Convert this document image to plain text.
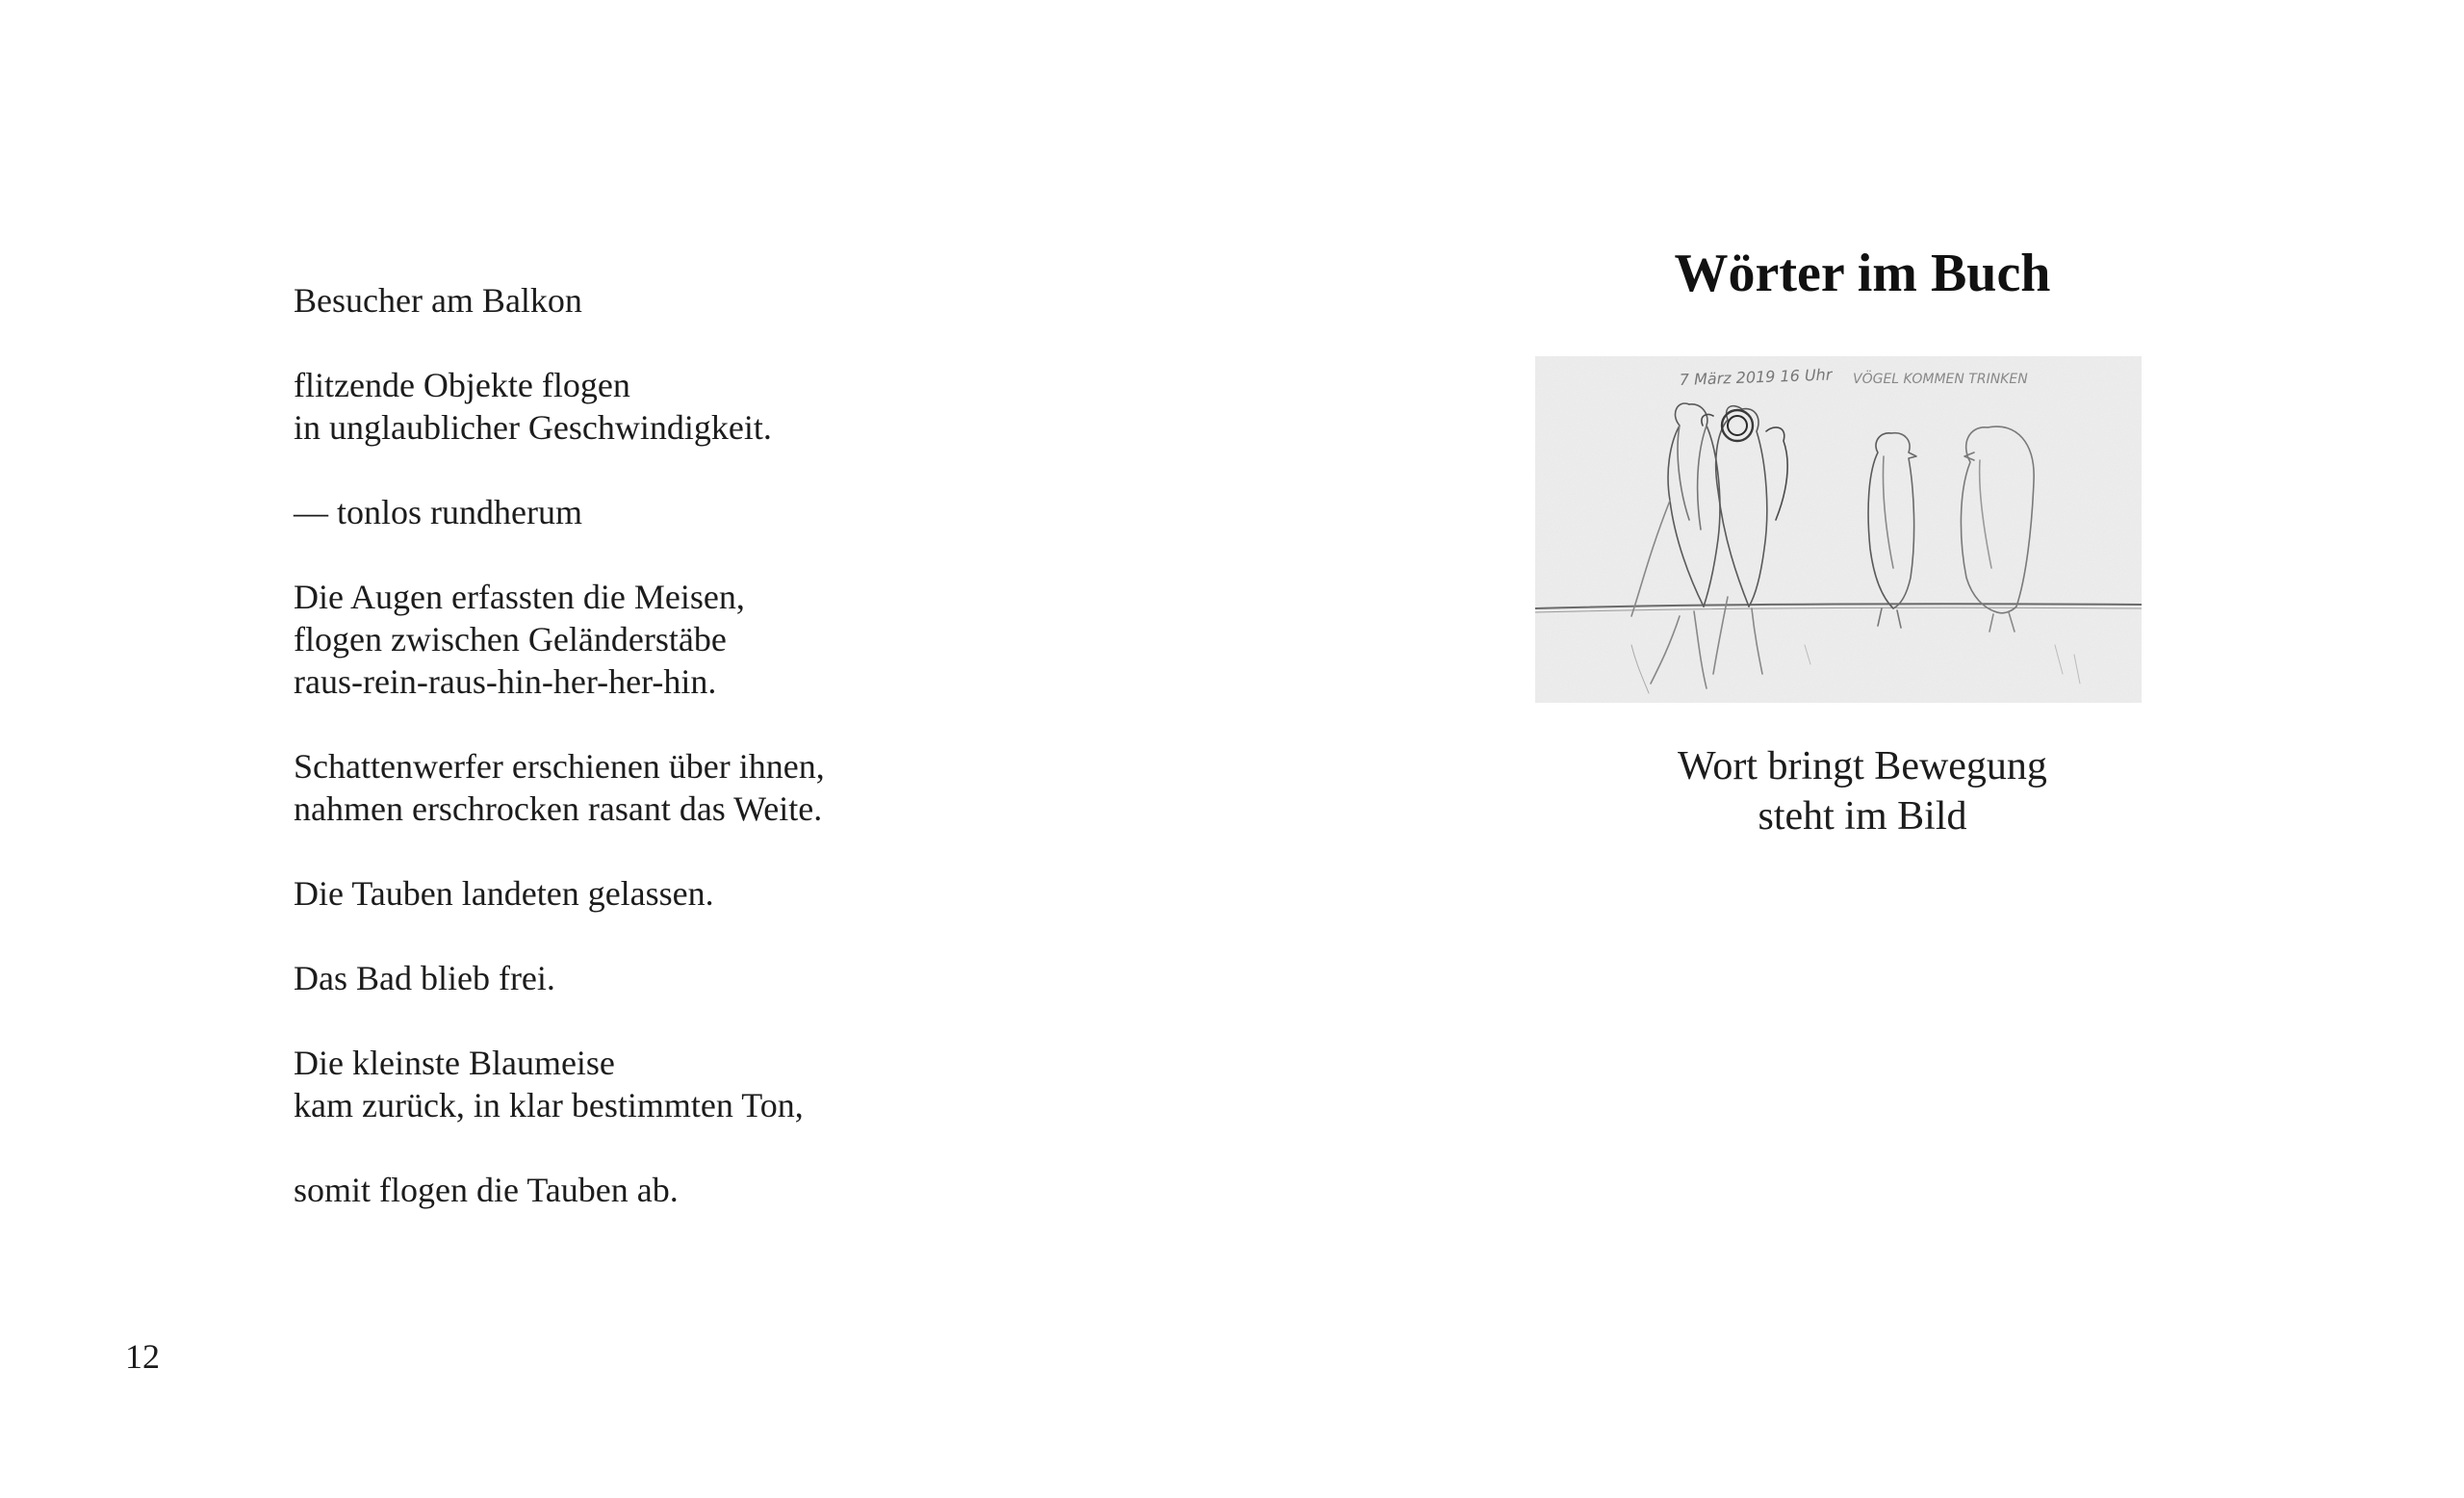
Besucher am Balkon
flitzende Objekte flogen
in unglaublicher Geschwindigkeit.
— tonlos rundherum
Die Augen erfassten die Meisen,
flogen zwischen Geländerstäbe
raus-rein-raus-hin-her-her-hin.
Schattenwerfer erschienen über ihnen,
nahmen erschrocken rasant das Weite.
Die Tauben landeten gelassen.
Das Bad blieb frei.
Die kleinste Blaumeise
kam zurück, in klar bestimmten Ton,
somit flogen die Tauben ab.
12
Wörter im Buch
7 März 2019 16 Uhr VÖGEL KOMMEN TRINKEN
Wort bringt Bewegung
steht im Bild
